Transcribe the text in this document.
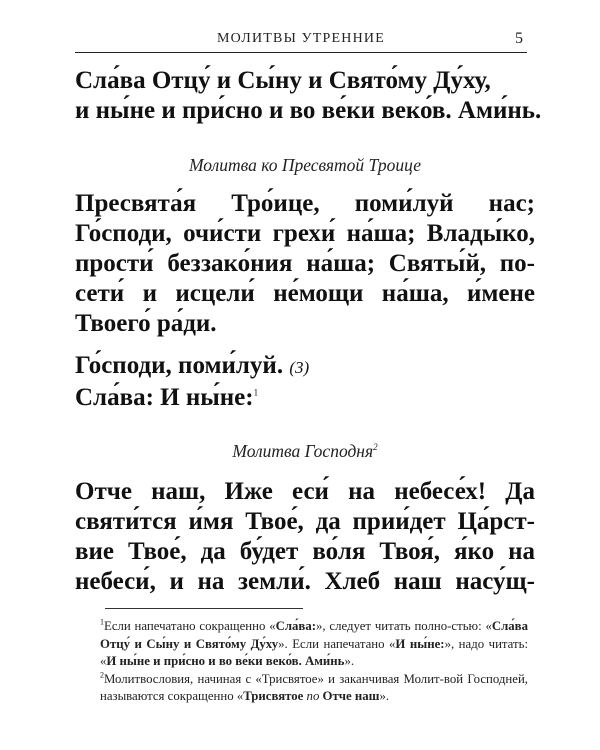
МОЛИТВЫ УТРЕННИЕ	5

Сла́ва Отцу́ и Сы́ну и Свято́му Ду́ху,

и ны́не и при́сно и во ве́ки веко́в. Ами́нь.

Молитва ко Пресвятой Троице

Пресвята́я Тро́ице, поми́луй нас;

Го́споди, очи́сти грехи́ на́ша; Влады́ко,

прости́ беззако́ния на́ша; Святы́й, по-

сети́ и исцели́ не́мощи на́ша, и́мене

Твоего́ ра́ди.

Го́споди, поми́луй. (3)

Сла́ва: И ны́не:$^1$

Молитва Господня$^2$

Отче наш, Иже еси́ на небесе́х! Да

святи́тся и́мя Твое́, да прии́дет Ца́рст-

вие Твое́, да бу́дет во́ля Твоя́, я́ко на

небеси́, и на земли́. Хлеб наш насу́щ-

$^1$Если напечатано сокращенно «Сла́ва:», следует читать полно-стью: «Сла́ва Отцу́ и Сы́ну и Свято́му Ду́ху». Если напечатано «И ны́не:», надо читать: «И ны́не и при́сно и во ве́ки веко́в. Ами́нь».

$^2$Молитвословия, начиная с «Трисвятое» и заканчивая Молит-вой Господней, называются сокращенно «Трисвятое по Отче наш».
